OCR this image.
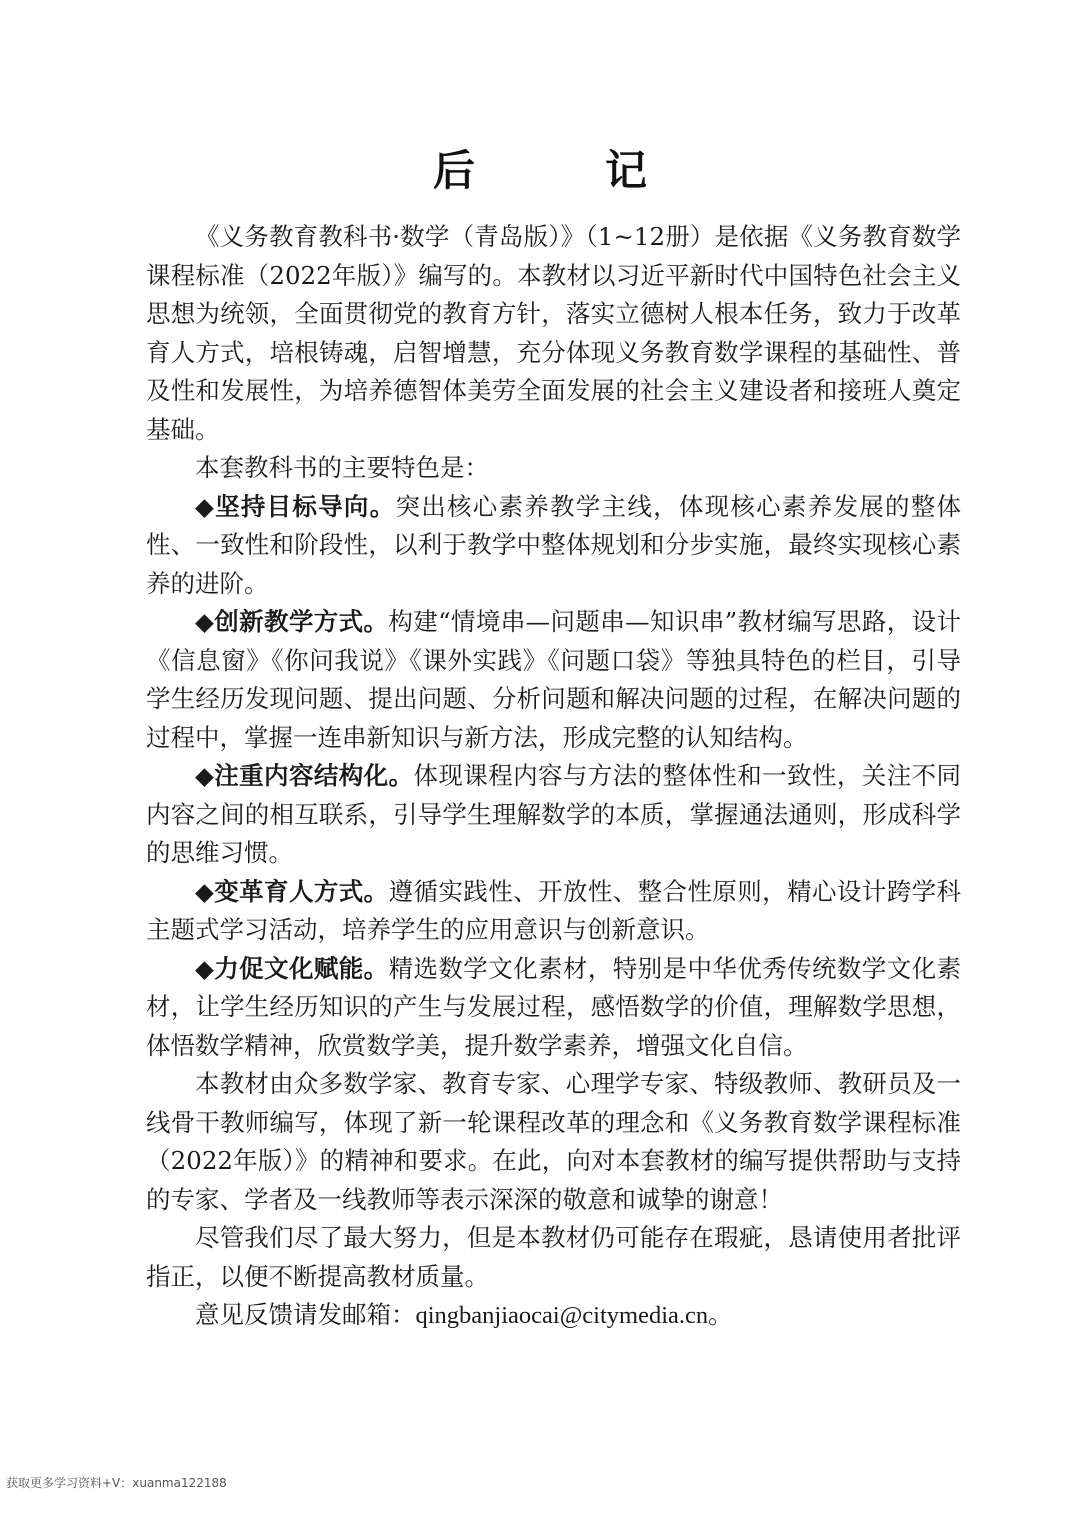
后　记

《义务教育教科书·数学（青岛版）》（1~12册）是依据《义务教育数学课程标准（2022年版）》编写的。本教材以习近平新时代中国特色社会主义思想为统领，全面贯彻党的教育方针，落实立德树人根本任务，致力于改革育人方式，培根铸魂，启智增慧，充分体现义务教育数学课程的基础性、普及性和发展性，为培养德智体美劳全面发展的社会主义建设者和接班人奠定基础。

本套教科书的主要特色是：

◆坚持目标导向。突出核心素养教学主线，体现核心素养发展的整体性、一致性和阶段性，以利于教学中整体规划和分步实施，最终实现核心素养的进阶。

◆创新教学方式。构建“情境串—问题串—知识串”教材编写思路，设计《信息窗》《你问我说》《课外实践》《问题口袋》等独具特色的栏目，引导学生经历发现问题、提出问题、分析问题和解决问题的过程，在解决问题的过程中，掌握一连串新知识与新方法，形成完整的认知结构。

◆注重内容结构化。体现课程内容与方法的整体性和一致性，关注不同内容之间的相互联系，引导学生理解数学的本质，掌握通法通则，形成科学的思维习惯。

◆变革育人方式。遵循实践性、开放性、整合性原则，精心设计跨学科主题式学习活动，培养学生的应用意识与创新意识。

◆力促文化赋能。精选数学文化素材，特别是中华优秀传统数学文化素材，让学生经历知识的产生与发展过程，感悟数学的价值，理解数学思想，体悟数学精神，欣赏数学美，提升数学素养，增强文化自信。

本教材由众多数学家、教育专家、心理学专家、特级教师、教研员及一线骨干教师编写，体现了新一轮课程改革的理念和《义务教育数学课程标准（2022年版）》的精神和要求。在此，向对本套教材的编写提供帮助与支持的专家、学者及一线教师等表示深深的敬意和诚挚的谢意！

尽管我们尽了最大努力，但是本教材仍可能存在瑕疵，恳请使用者批评指正，以便不断提高教材质量。

意见反馈请发邮箱：qingbanjiaocai@citymedia.cn。

获取更多学习资料+V：xuanma122188
